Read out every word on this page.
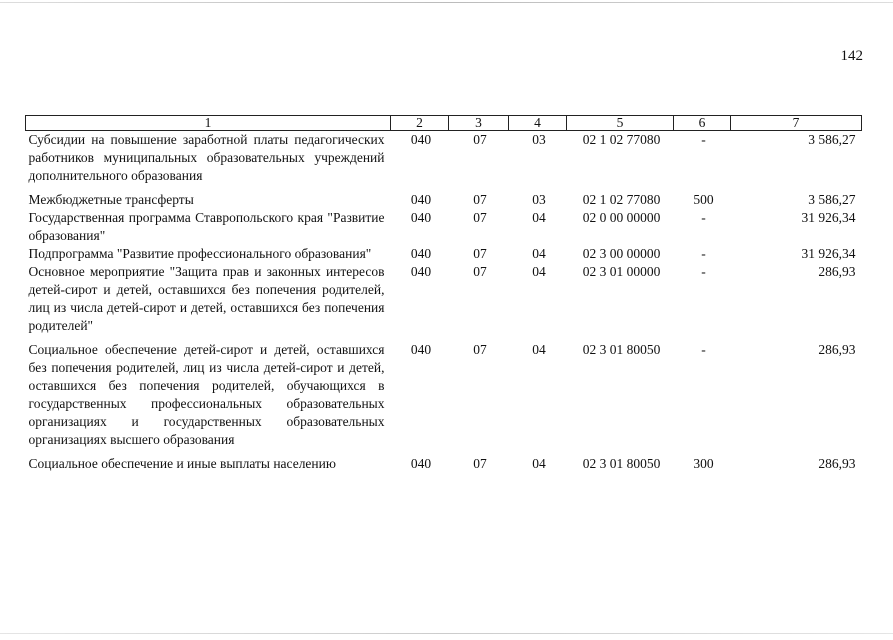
142
1	2	3	4	5	6	7
Субсидии на повышение заработной платы педагогических работников муниципальных образовательных учреждений дополнительного образования	040	07	03	02 1 02 77080	-	3 586,27

Межбюджетные трансферты	040	07	03	02 1 02 77080	500	3 586,27
Государственная программа Ставропольского края "Развитие образования"	040	07	04	02 0 00 00000	-	31 926,34
Подпрограмма "Развитие профессионального образования"	040	07	04	02 3 00 00000	-	31 926,34
Основное мероприятие "Защита прав и законных интересов детей-сирот и детей, оставшихся без попечения родителей, лиц из числа детей-сирот и детей, оставшихся без попечения родителей"	040	07	04	02 3 01 00000	-	286,93

Социальное обеспечение детей-сирот и детей, оставшихся без попечения родителей, лиц из числа детей-сирот и детей, оставшихся без попечения родителей, обучающихся в государственных профессиональных образовательных организациях и государственных образовательных организациях высшего образования	040	07	04	02 3 01 80050	-	286,93

Социальное обеспечение и иные выплаты населению	040	07	04	02 3 01 80050	300	286,93
